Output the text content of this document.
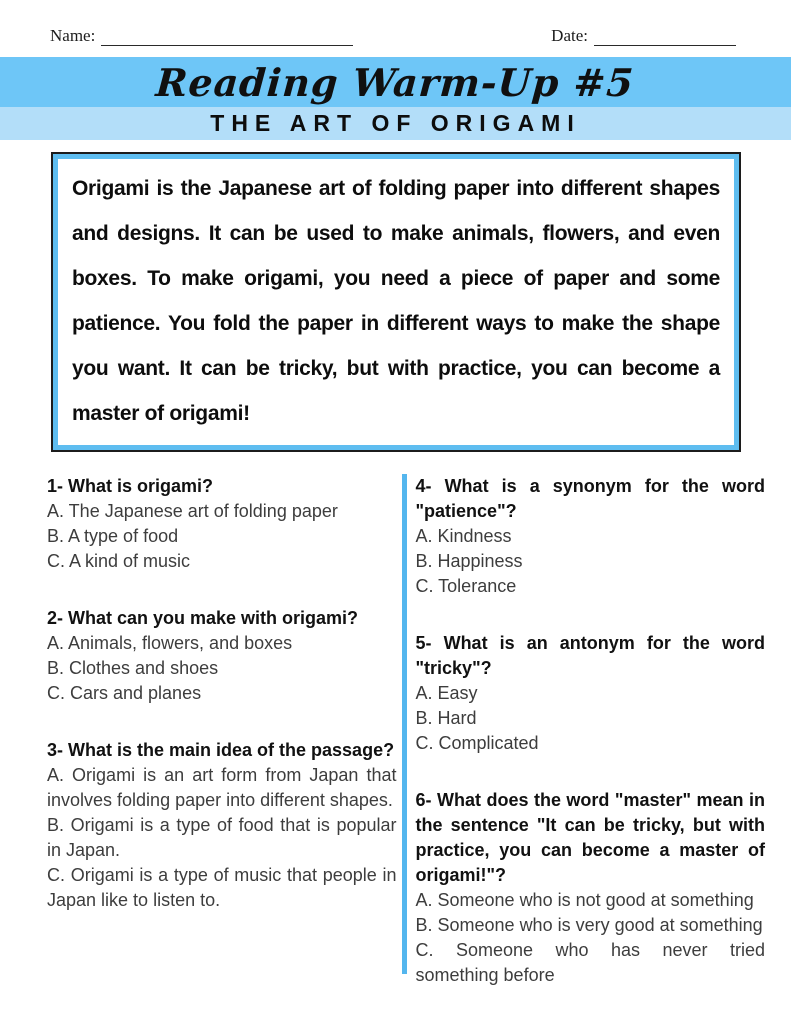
Name:	Date:
Reading Warm-Up #5
THE ART OF ORIGAMI

Origami is the Japanese art of folding paper into different shapes and designs. It can be used to make animals, flowers, and even boxes. To make origami, you need a piece of paper and some patience. You fold the paper in different ways to make the shape you want. It can be tricky, but with practice, you can become a master of origami!

1- What is origami?

A. The Japanese art of folding paper

B. A type of food

C. A kind of music

2- What can you make with origami?

A. Animals, flowers, and boxes

B. Clothes and shoes

C. Cars and planes

3- What is the main idea of the passage?

A. Origami is an art form from Japan that involves folding paper into different shapes.

B. Origami is a type of food that is popular in Japan.

C. Origami is a type of music that people in Japan like to listen to.

4- What is a synonym for the word "patience"?

A. Kindness

B. Happiness

C. Tolerance

5- What is an antonym for the word "tricky"?

A. Easy

B. Hard

C. Complicated

6- What does the word "master" mean in the sentence "It can be tricky, but with practice, you can become a master of origami!"?

A. Someone who is not good at something

B. Someone who is very good at something

C. Someone who has never tried something before
